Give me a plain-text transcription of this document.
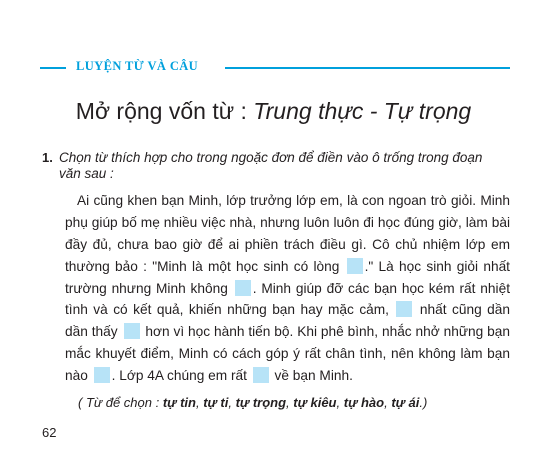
LUYỆN TỪ VÀ CÂU
Mở rộng vốn từ : Trung thực - Tự trọng
1. Chọn từ thích hợp cho trong ngoặc đơn để điền vào ô trống trong đoạn văn sau :
Ai cũng khen bạn Minh, lớp trưởng lớp em, là con ngoan trò giỏi. Minh
phụ giúp bố mẹ nhiều việc nhà, nhưng luôn luôn đi học đúng giờ, làm bài
đầy đủ, chưa bao giờ để ai phiền trách điều gì. Cô chủ nhiệm lớp em
thường bảo : "Minh là một học sinh có lòng ." Là học sinh giỏi nhất
trường nhưng Minh không . Minh giúp đỡ các bạn học kém rất nhiệt
tình và có kết quả, khiến những bạn hay mặc cảm,  nhất cũng dần
dần thấy  hơn vì học hành tiến bộ. Khi phê bình, nhắc nhở những bạn
mắc khuyết điểm, Minh có cách góp ý rất chân tình, nên không làm bạn
nào . Lớp 4A chúng em rất  về bạn Minh.
( Từ để chọn : tự tin, tự ti, tự trọng, tự kiêu, tự hào, tự ái.)
62
